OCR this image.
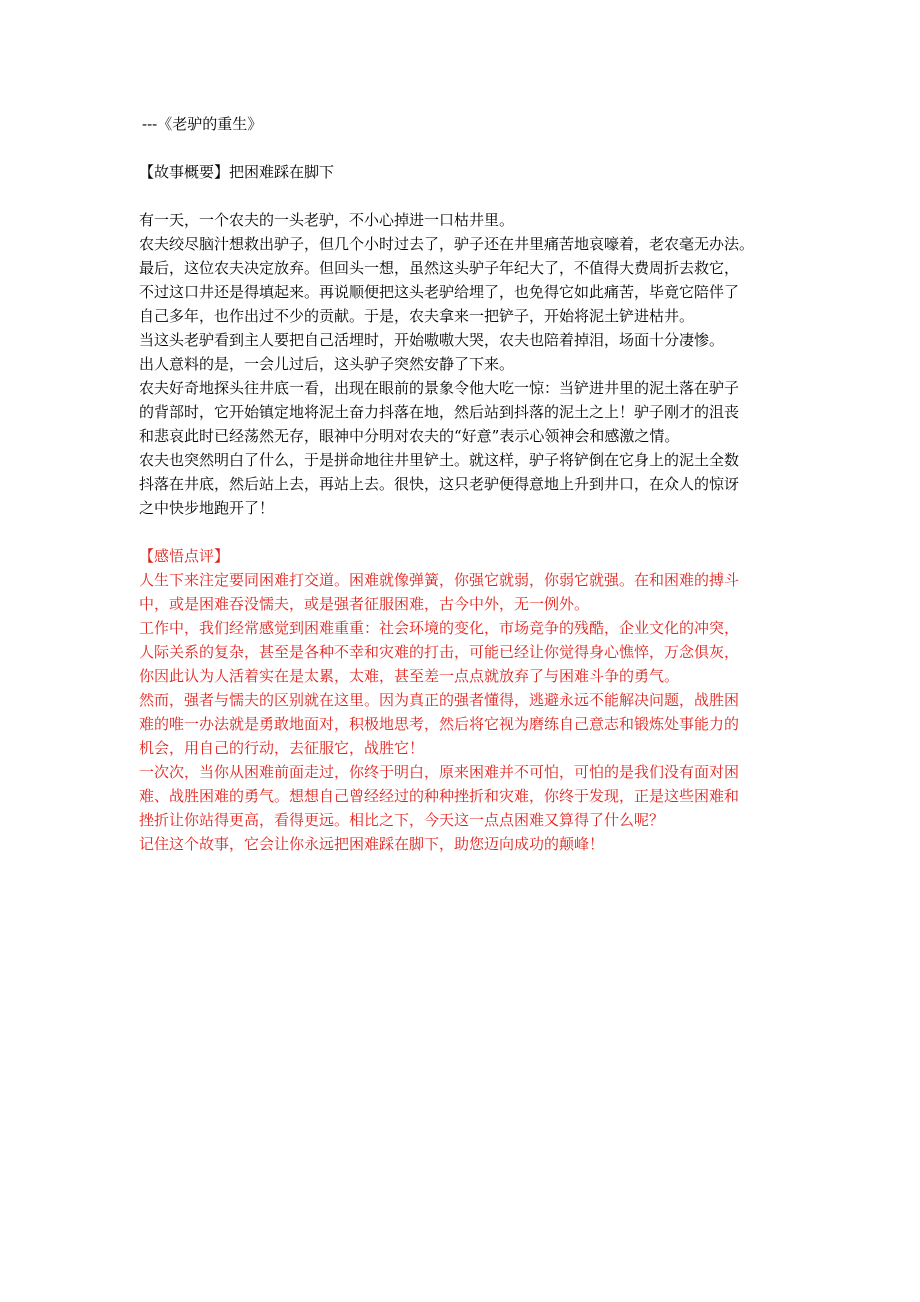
---《老驴的重生》
【故事概要】把困难踩在脚下
有一天，一个农夫的一头老驴，不小心掉进一口枯井里。
农夫绞尽脑汁想救出驴子，但几个小时过去了，驴子还在井里痛苦地哀嚎着，老农毫无办法。
最后，这位农夫决定放弃。但回头一想，虽然这头驴子年纪大了，不值得大费周折去救它，
不过这口井还是得填起来。再说顺便把这头老驴给埋了，也免得它如此痛苦，毕竟它陪伴了
自己多年，也作出过不少的贡献。于是，农夫拿来一把铲子，开始将泥土铲进枯井。
当这头老驴看到主人要把自己活埋时，开始嗷嗷大哭，农夫也陪着掉泪，场面十分凄惨。
出人意料的是，一会儿过后，这头驴子突然安静了下来。
农夫好奇地探头往井底一看，出现在眼前的景象令他大吃一惊：当铲进井里的泥土落在驴子
的背部时，它开始镇定地将泥土奋力抖落在地，然后站到抖落的泥土之上！驴子刚才的沮丧
和悲哀此时已经荡然无存，眼神中分明对农夫的“好意”表示心领神会和感激之情。
农夫也突然明白了什么，于是拼命地往井里铲土。就这样，驴子将铲倒在它身上的泥土全数
抖落在井底，然后站上去，再站上去。很快，这只老驴便得意地上升到井口，在众人的惊讶
之中快步地跑开了！
【感悟点评】
人生下来注定要同困难打交道。困难就像弹簧，你强它就弱，你弱它就强。在和困难的搏斗
中，或是困难吞没懦夫，或是强者征服困难，古今中外，无一例外。
工作中，我们经常感觉到困难重重：社会环境的变化，市场竞争的残酷，企业文化的冲突，
人际关系的复杂，甚至是各种不幸和灾难的打击，可能已经让你觉得身心憔悴，万念俱灰，
你因此认为人活着实在是太累，太难，甚至差一点点就放弃了与困难斗争的勇气。
然而，强者与懦夫的区别就在这里。因为真正的强者懂得，逃避永远不能解决问题，战胜困
难的唯一办法就是勇敢地面对，积极地思考，然后将它视为磨练自己意志和锻炼处事能力的
机会，用自己的行动，去征服它，战胜它！
一次次，当你从困难前面走过，你终于明白，原来困难并不可怕，可怕的是我们没有面对困
难、战胜困难的勇气。想想自己曾经经过的种种挫折和灾难，你终于发现，正是这些困难和
挫折让你站得更高，看得更远。相比之下，今天这一点点困难又算得了什么呢？
记住这个故事，它会让你永远把困难踩在脚下，助您迈向成功的颠峰！
